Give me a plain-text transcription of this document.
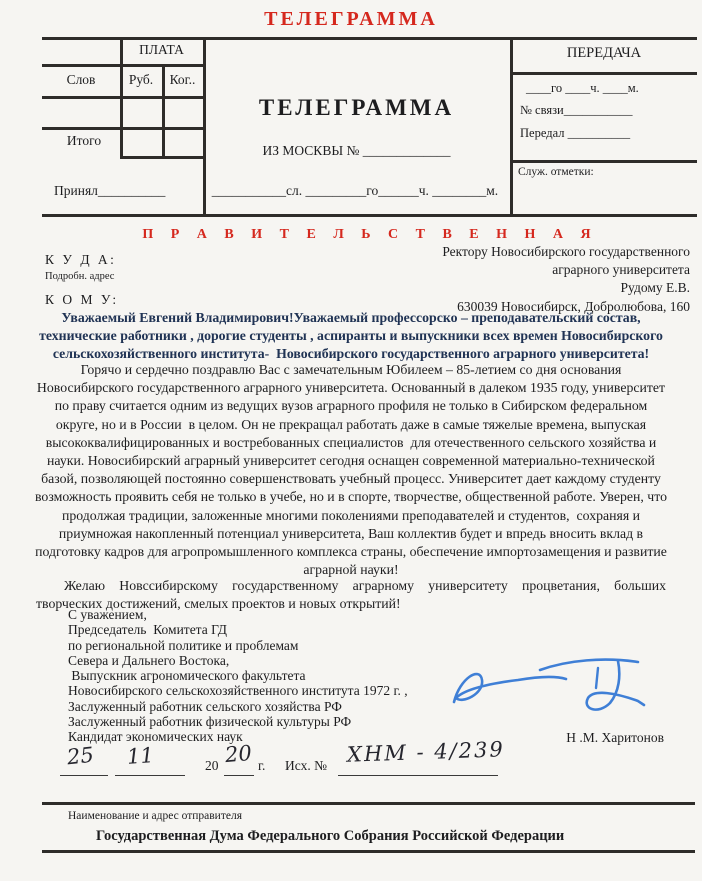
ТЕЛЕГРАММА
ПЛАТА
Слов	Руб.	Ког..
Итого
Принял__________
ТЕЛЕГРАММА
ИЗ МОСКВЫ № _____________
___________сл. _________го______ч. ________м.
ПЕРЕДАЧА
____го ____ч. ____м.
№ связи___________
Передал __________
Служ. отметки:
П Р А В И Т Е Л Ь С Т В Е Н Н А Я
К У Д А:
Подробн. адрес
К О М У:
Ректору Новосибирского государственного
аграрного университета
Рудому Е.В.
630039 Новосибирск, Добролюбова, 160
Уважаемый Евгений Владимирович!Уважаемый профессорско – преподавательский состав,
технические работники , дорогие студенты , аспиранты и выпускники всех времен Новосибирского
сельскохозяйственного института-  Новосибирского государственного аграрного университета!
Горячо и сердечно поздравлю Вас с замечательным Юбилеем – 85-летием со дня основания
Новосибирского государственного аграрного университета. Основанный в далеком 1935 году, университет
по праву считается одним из ведущих вузов аграрного профиля не только в Сибирском федеральном
округе, но и в России  в целом. Он не прекращал работать даже в самые тяжелые времена, выпуская
высококвалифицированных и востребованных специалистов  для отечественного сельского хозяйства и
науки. Новосибирский аграрный университет сегодня оснащен современной материально-технической
базой, позволяющей постоянно совершенствовать учебный процесс. Университет дает каждому студенту
возможность проявить себя не только в учебе, но и в спорте, творчестве, общественной работе. Уверен, что
продолжая традиции, заложенные многими поколениями преподавателей и студентов,  сохраняя и
приумножая накопленный потенциал университета, Ваш коллектив будет и впредь вносить вклад в
подготовку кадров для агропромышленного комплекса страны, обеспечение импортозамещения и развитие
аграрной науки!
Желаю Новссибирскому государственному аграрному университету процветания, больших
творческих достижений, смелых проектов и новых открытий!
С уважением,
Председатель  Комитета ГД
по региональной политике и проблемам
Севера и Дальнего Востока,
Выпускник агрономического факультета
Новосибирского сельскохозяйственного института 1972 г. ,
Заслуженный работник сельского хозяйства РФ
Заслуженный работник физической культуры РФ
Кандидат экономических наук	Н .М. Харитонов
20	г. Исх. №
25 11	20	ХНМ - 4/239
Наименование и адрес отправителя
Государственная Дума Федерального Собрания Российской Федерации
